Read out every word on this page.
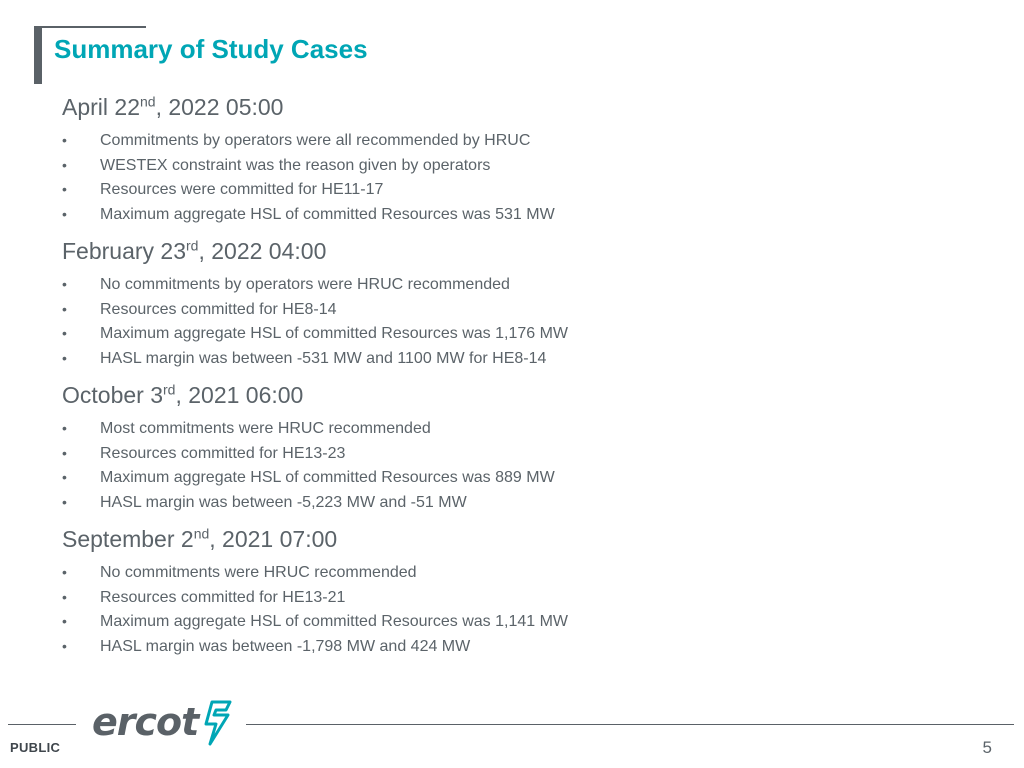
Summary of Study Cases
April 22nd, 2022 05:00
•	Commitments by operators were all recommended by HRUC
•	WESTEX constraint was the reason given by operators
•	Resources were committed for HE11-17
•	Maximum aggregate HSL of committed Resources was 531 MW
February 23rd, 2022 04:00
•	No commitments by operators were HRUC recommended
•	Resources committed for HE8-14
•	Maximum aggregate HSL of committed Resources was 1,176 MW
•	HASL margin was between -531 MW and 1100 MW for HE8-14
October 3rd, 2021 06:00
•	Most commitments were HRUC recommended
•	Resources committed for HE13-23
•	Maximum aggregate HSL of committed Resources was 889 MW
•	HASL margin was between -5,223 MW and -51 MW
September 2nd, 2021 07:00
•	No commitments were HRUC recommended
•	Resources committed for HE13-21
•	Maximum aggregate HSL of committed Resources was 1,141 MW
•	HASL margin was between -1,798 MW and 424 MW
ercot
PUBLIC	5
